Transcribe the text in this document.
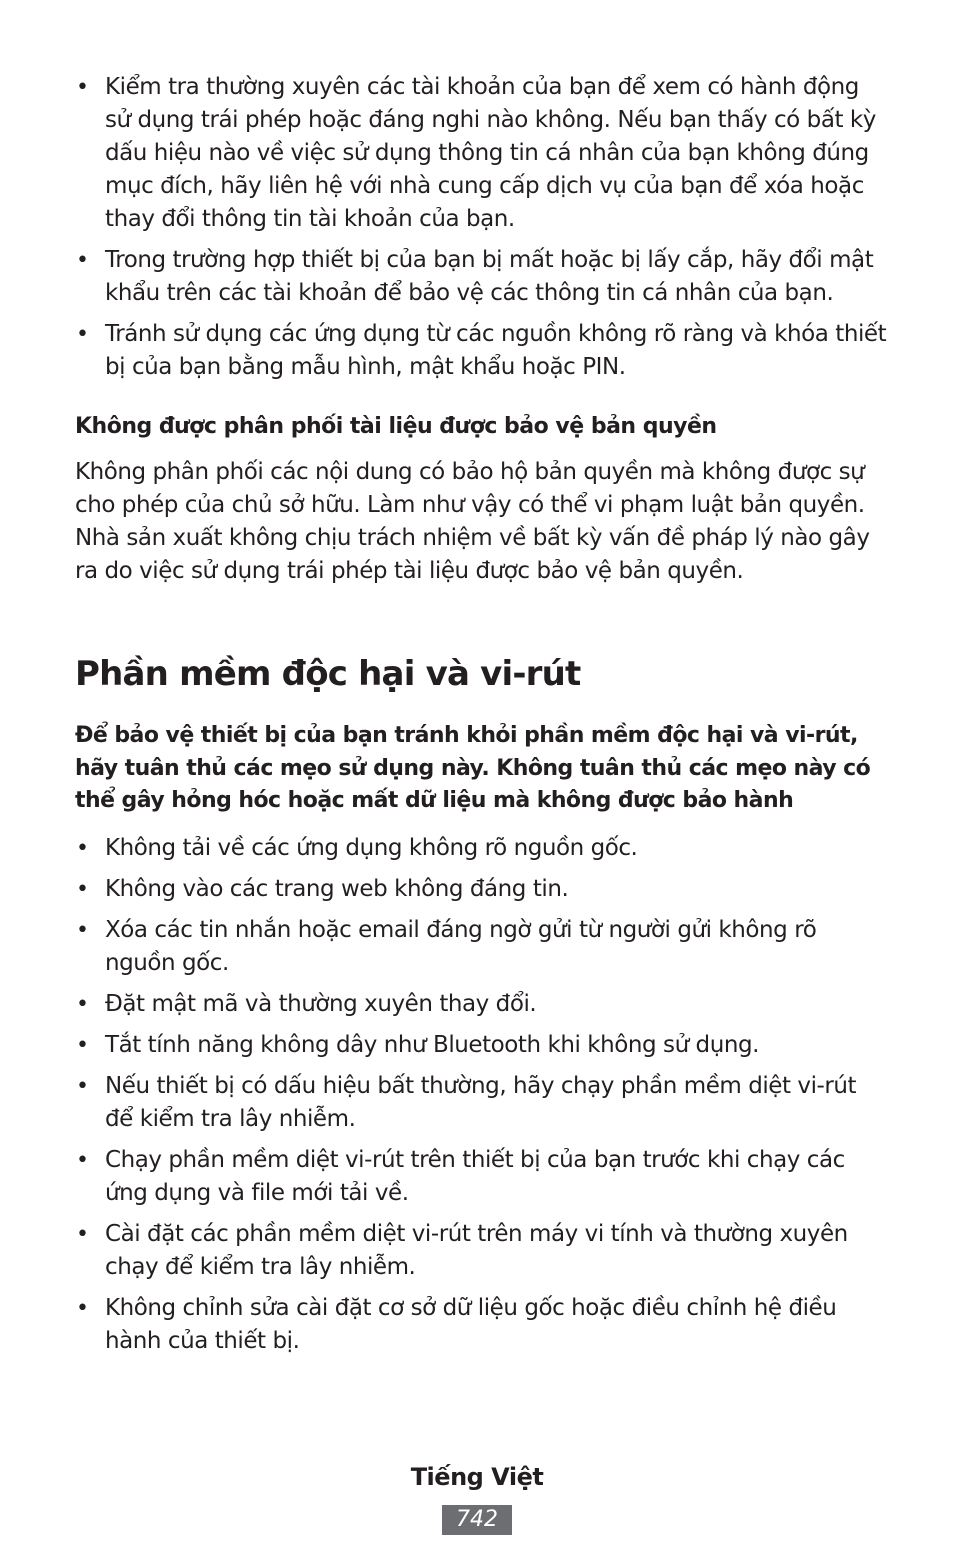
• Kiểm tra thường xuyên các tài khoản của bạn để xem có hành động sử dụng trái phép hoặc đáng nghi nào không. Nếu bạn thấy có bất kỳ dấu hiệu nào về việc sử dụng thông tin cá nhân của bạn không đúng mục đích, hãy liên hệ với nhà cung cấp dịch vụ của bạn để xóa hoặc thay đổi thông tin tài khoản của bạn.
• Trong trường hợp thiết bị của bạn bị mất hoặc bị lấy cắp, hãy đổi mật khẩu trên các tài khoản để bảo vệ các thông tin cá nhân của bạn.
• Tránh sử dụng các ứng dụng từ các nguồn không rõ ràng và khóa thiết bị của bạn bằng mẫu hình, mật khẩu hoặc PIN.
Không được phân phối tài liệu được bảo vệ bản quyền

Không phân phối các nội dung có bảo hộ bản quyền mà không được sự cho phép của chủ sở hữu. Làm như vậy có thể vi phạm luật bản quyền. Nhà sản xuất không chịu trách nhiệm về bất kỳ vấn đề pháp lý nào gây ra do việc sử dụng trái phép tài liệu được bảo vệ bản quyền.

Phần mềm độc hại và vi-rút

Để bảo vệ thiết bị của bạn tránh khỏi phần mềm độc hại và vi-rút, hãy tuân thủ các mẹo sử dụng này. Không tuân thủ các mẹo này có thể gây hỏng hóc hoặc mất dữ liệu mà không được bảo hành

• Không tải về các ứng dụng không rõ nguồn gốc.
• Không vào các trang web không đáng tin.
• Xóa các tin nhắn hoặc email đáng ngờ gửi từ người gửi không rõ nguồn gốc.
• Đặt mật mã và thường xuyên thay đổi.
• Tắt tính năng không dây như Bluetooth khi không sử dụng.
• Nếu thiết bị có dấu hiệu bất thường, hãy chạy phần mềm diệt vi-rút để kiểm tra lây nhiễm.
• Chạy phần mềm diệt vi-rút trên thiết bị của bạn trước khi chạy các ứng dụng và file mới tải về.
• Cài đặt các phần mềm diệt vi-rút trên máy vi tính và thường xuyên chạy để kiểm tra lây nhiễm.
• Không chỉnh sửa cài đặt cơ sở dữ liệu gốc hoặc điều chỉnh hệ điều hành của thiết bị.
Tiếng Việt
742
